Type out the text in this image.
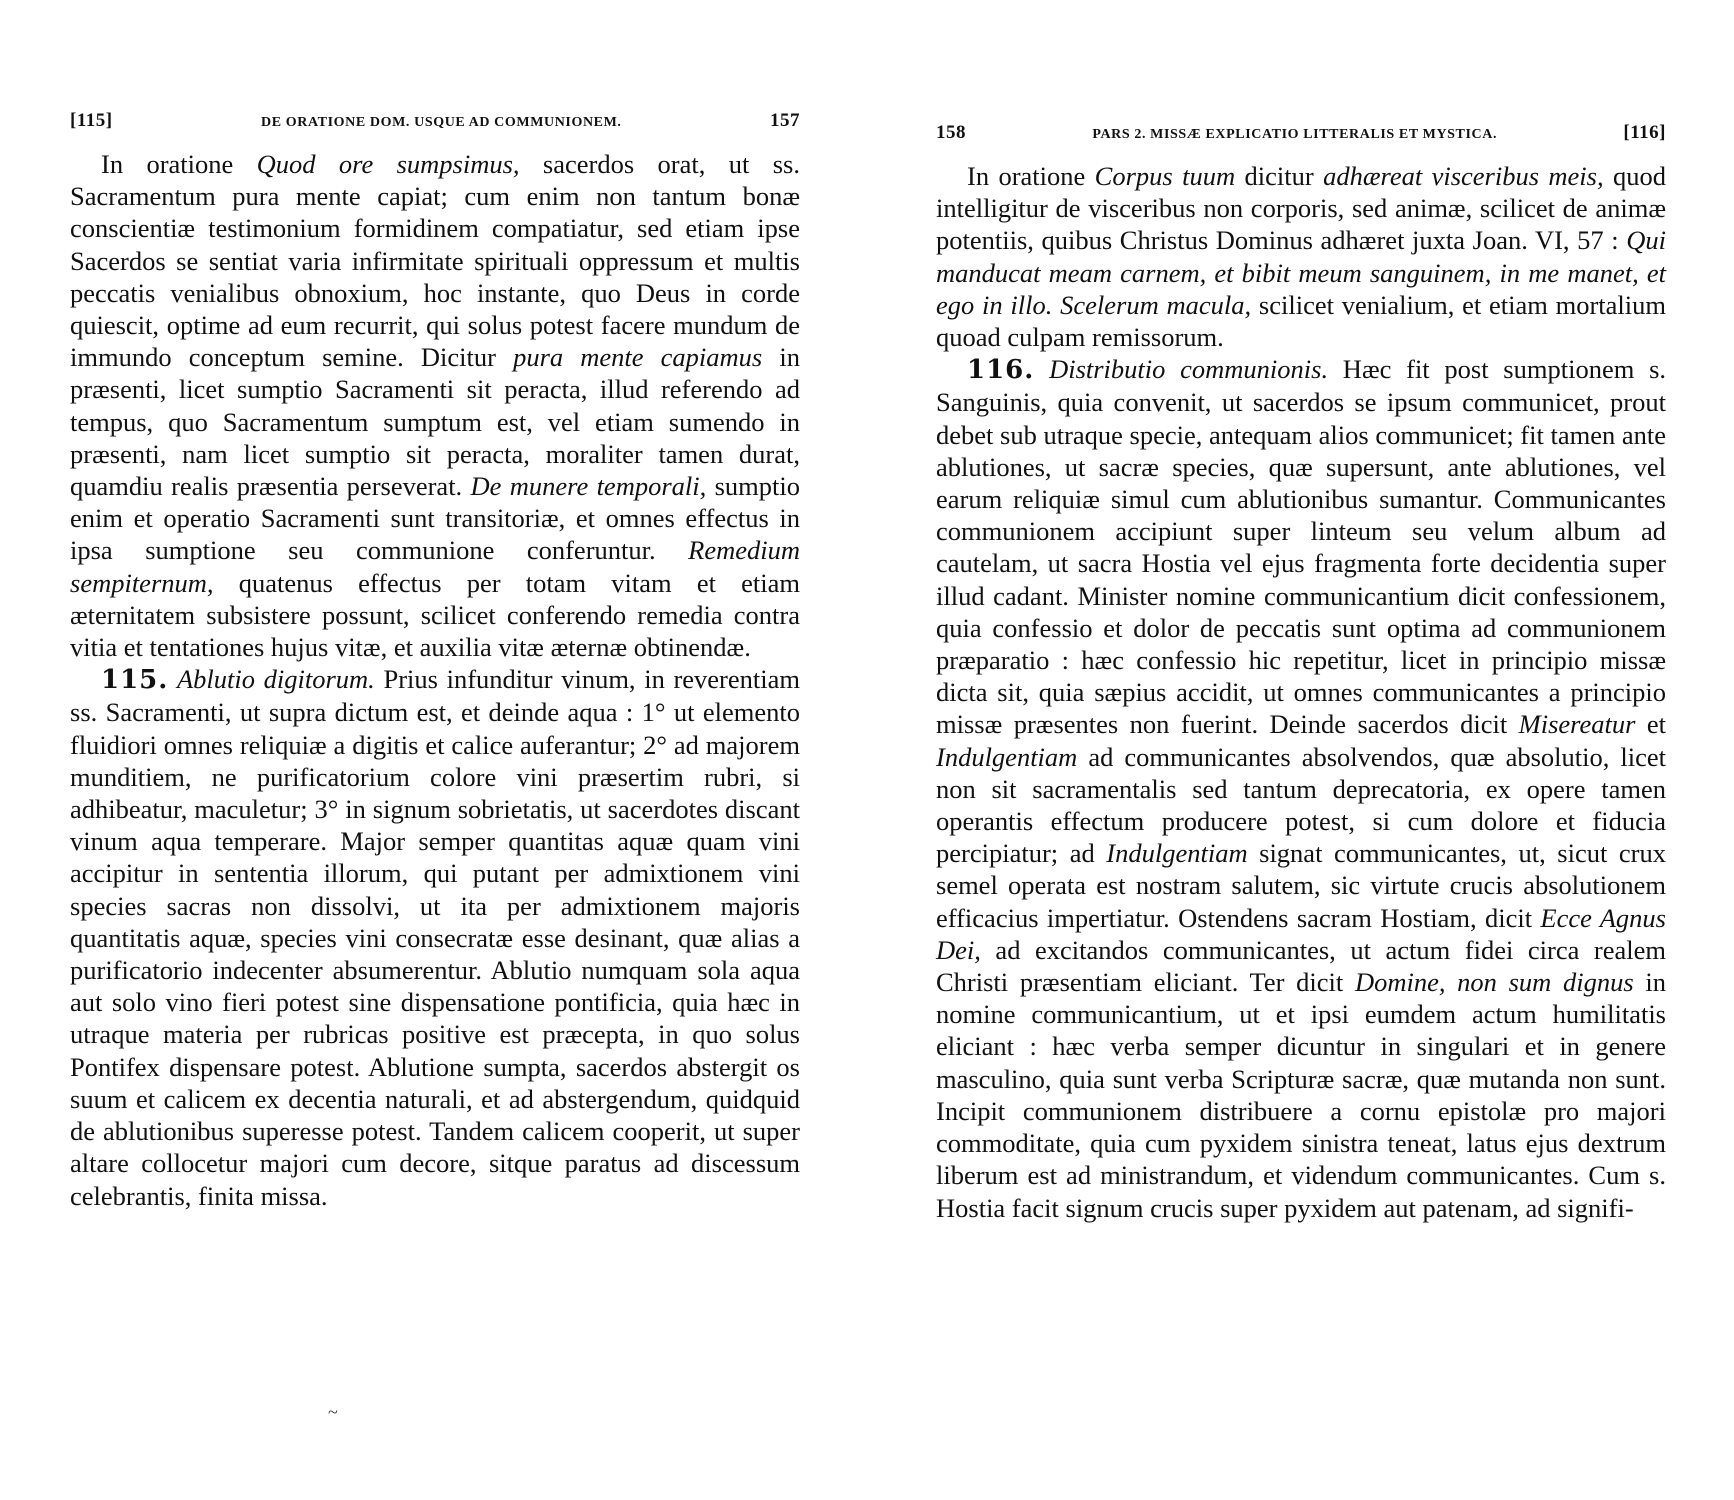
[115]	DE ORATIONE DOM. USQUE AD COMMUNIONEM.	157

In oratione Quod ore sumpsimus, sacerdos orat, ut ss. Sacramentum pura mente capiat; cum enim non tantum bonæ conscientiæ testimonium formidinem compatiatur, sed etiam ipse Sacerdos se sentiat varia infirmitate spirituali oppressum et multis peccatis venialibus obnoxium, hoc instante, quo Deus in corde quiescit, optime ad eum recurrit, qui solus potest facere mundum de immundo conceptum semine. Dicitur pura mente capiamus in præsenti, licet sumptio Sacramenti sit peracta, illud referendo ad tempus, quo Sacramentum sumptum est, vel etiam sumendo in præsenti, nam licet sumptio sit peracta, moraliter tamen durat, quamdiu realis præsentia perseverat. De munere temporali, sumptio enim et operatio Sacramenti sunt transitoriæ, et omnes effectus in ipsa sumptione seu communione conferuntur. Remedium sempiternum, quatenus effectus per totam vitam et etiam æternitatem subsistere possunt, scilicet conferendo remedia contra vitia et tentationes hujus vitæ, et auxilia vitæ æternæ obtinendæ.

115. Ablutio digitorum. Prius infunditur vinum, in reverentiam ss. Sacramenti, ut supra dictum est, et deinde aqua : 1° ut elemento fluidiori omnes reliquiæ a digitis et calice auferantur; 2° ad majorem munditiem, ne purificatorium colore vini præsertim rubri, si adhibeatur, maculetur; 3° in signum sobrietatis, ut sacerdotes discant vinum aqua temperare. Major semper quantitas aquæ quam vini accipitur in sententia illorum, qui putant per admixtionem vini species sacras non dissolvi, ut ita per admixtionem majoris quantitatis aquæ, species vini consecratæ esse desinant, quæ alias a purificatorio indecenter absumerentur. Ablutio numquam sola aqua aut solo vino fieri potest sine dispensatione pontificia, quia hæc in utraque materia per rubricas positive est præcepta, in quo solus Pontifex dispensare potest. Ablutione sumpta, sacerdos abstergit os suum et calicem ex decentia naturali, et ad abstergendum, quidquid de ablutionibus superesse potest. Tandem calicem cooperit, ut super altare collocetur majori cum decore, sitque paratus ad discessum celebrantis, finita missa.

158	PARS 2. MISSÆ EXPLICATIO LITTERALIS ET MYSTICA.	[116]

In oratione Corpus tuum dicitur adhæreat visceribus meis, quod intelligitur de visceribus non corporis, sed animæ, scilicet de animæ potentiis, quibus Christus Dominus adhæret juxta Joan. VI, 57 : Qui manducat meam carnem, et bibit meum sanguinem, in me manet, et ego in illo. Scelerum macula, scilicet venialium, et etiam mortalium quoad culpam remissorum.

116. Distributio communionis. Hæc fit post sumptionem s. Sanguinis, quia convenit, ut sacerdos se ipsum communicet, prout debet sub utraque specie, antequam alios communicet; fit tamen ante ablutiones, ut sacræ species, quæ supersunt, ante ablutiones, vel earum reliquiæ simul cum ablutionibus sumantur. Communicantes communionem accipiunt super linteum seu velum album ad cautelam, ut sacra Hostia vel ejus fragmenta forte decidentia super illud cadant. Minister nomine communicantium dicit confessionem, quia confessio et dolor de peccatis sunt optima ad communionem præparatio : hæc confessio hic repetitur, licet in principio missæ dicta sit, quia sæpius accidit, ut omnes communicantes a principio missæ præsentes non fuerint. Deinde sacerdos dicit Misereatur et Indulgentiam ad communicantes absolvendos, quæ absolutio, licet non sit sacramentalis sed tantum deprecatoria, ex opere tamen operantis effectum producere potest, si cum dolore et fiducia percipiatur; ad Indulgentiam signat communicantes, ut, sicut crux semel operata est nostram salutem, sic virtute crucis absolutionem efficacius impertiatur. Ostendens sacram Hostiam, dicit Ecce Agnus Dei, ad excitandos communicantes, ut actum fidei circa realem Christi præsentiam eliciant. Ter dicit Domine, non sum dignus in nomine communicantium, ut et ipsi eumdem actum humilitatis eliciant : hæc verba semper dicuntur in singulari et in genere masculino, quia sunt verba Scripturæ sacræ, quæ mutanda non sunt. Incipit communionem distribuere a cornu epistolæ pro majori commoditate, quia cum pyxidem sinistra teneat, latus ejus dextrum liberum est ad ministrandum, et videndum communicantes. Cum s. Hostia facit signum crucis super pyxidem aut patenam, ad signifi-

~
